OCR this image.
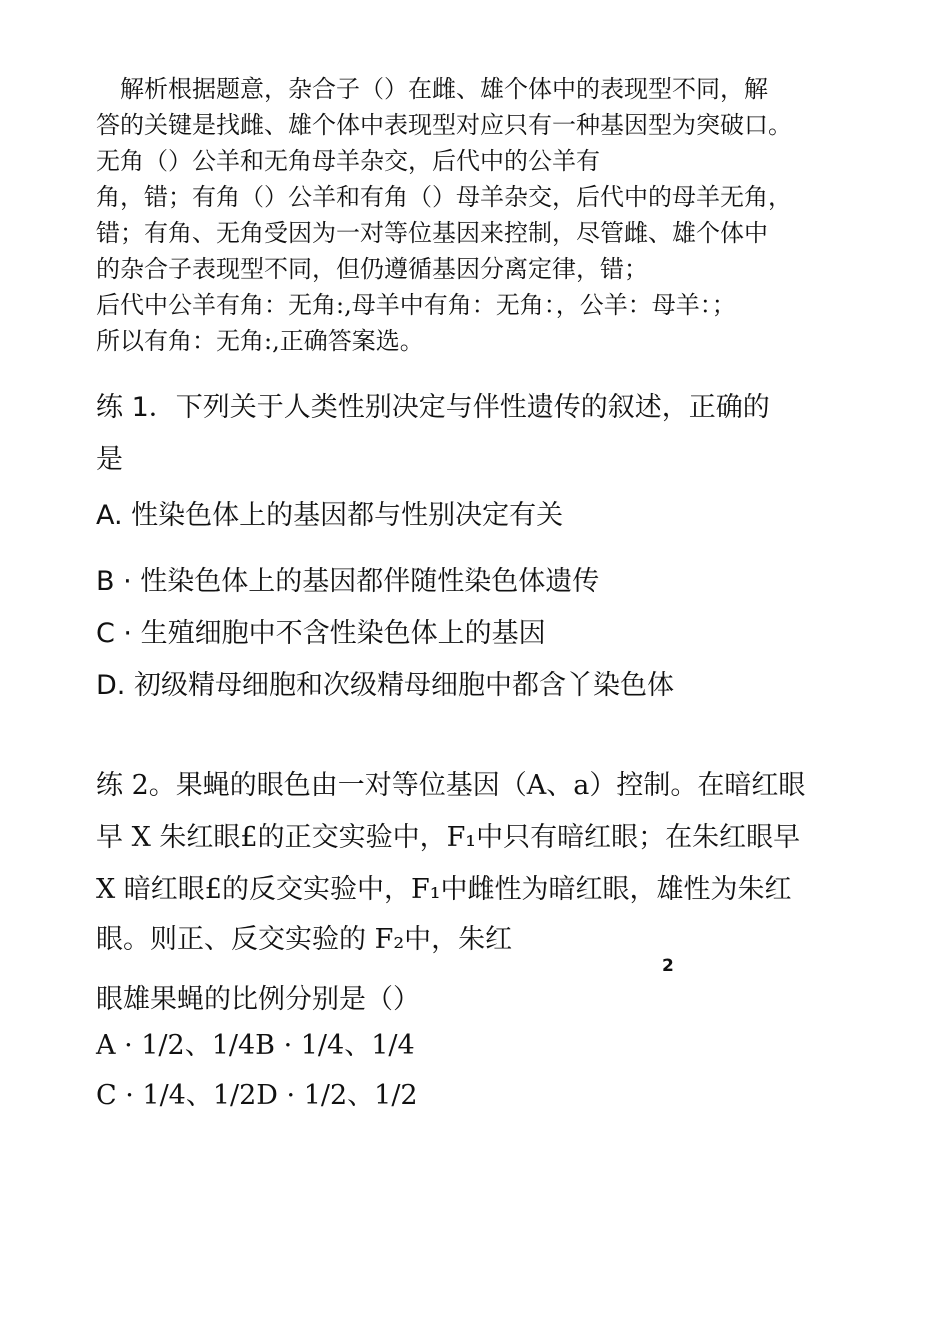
　解析根据题意，杂合子（）在雌、雄个体中的表现型不同，解
答的关键是找雌、雄个体中表现型对应只有一种基因型为突破口。
无角（）公羊和无角母羊杂交，后代中的公羊有
角，错；有角（）公羊和有角（）母羊杂交，后代中的母羊无角，
错；有角、无角受因为一对等位基因来控制，尽管雌、雄个体中
的杂合子表现型不同，但仍遵循基因分离定律，错；
后代中公羊有角：无角:,母羊中有角：无角：，公羊：母羊：；
所以有角：无角:,正确答案选。
练 1．下列关于人类性别决定与伴性遗传的叙述，正确的
是
A. 性染色体上的基因都与性别决定有关
B · 性染色体上的基因都伴随性染色体遗传
C · 生殖细胞中不含性染色体上的基因
D. 初级精母细胞和次级精母细胞中都含丫染色体
练 2。果蝇的眼色由一对等位基因（A、a）控制。在暗红眼
早 X 朱红眼£的正交实验中，F₁中只有暗红眼；在朱红眼早
X 暗红眼£的反交实验中，F₁中雌性为暗红眼，雄性为朱红
眼。则正、反交实验的 F₂中，朱红
2
眼雄果蝇的比例分别是（）
A · 1/2、1/4B · 1/4、1/4
C · 1/4、1/2D · 1/2、1/2
